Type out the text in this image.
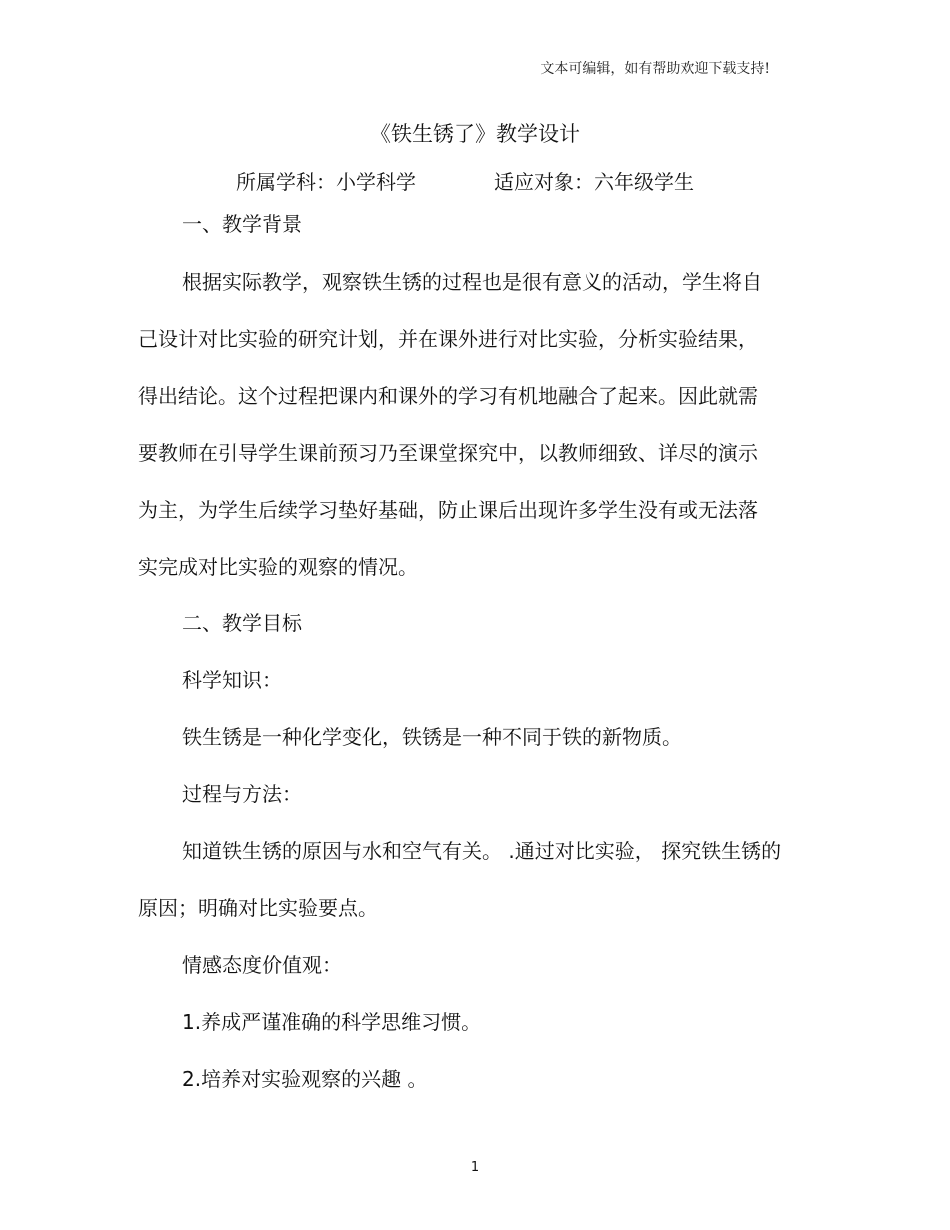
文本可编辑，如有帮助欢迎下载支持!
《铁生锈了》教学设计
所属学科：小学科学	适应对象：六年级学生
一、教学背景
根据实际教学，观察铁生锈的过程也是很有意义的活动，学生将自
己设计对比实验的研究计划，并在课外进行对比实验，分析实验结果，
得出结论。这个过程把课内和课外的学习有机地融合了起来。因此就需
要教师在引导学生课前预习乃至课堂探究中，以教师细致、详尽的演示
为主，为学生后续学习垫好基础，防止课后出现许多学生没有或无法落
实完成对比实验的观察的情况。
二、教学目标
科学知识：
铁生锈是一种化学变化，铁锈是一种不同于铁的新物质。
过程与方法：
知道铁生锈的原因与水和空气有关。 .通过对比实验， 探究铁生锈的
原因；明确对比实验要点。
情感态度价值观：
1.养成严谨准确的科学思维习惯。
2.培养对实验观察的兴趣 。
1
